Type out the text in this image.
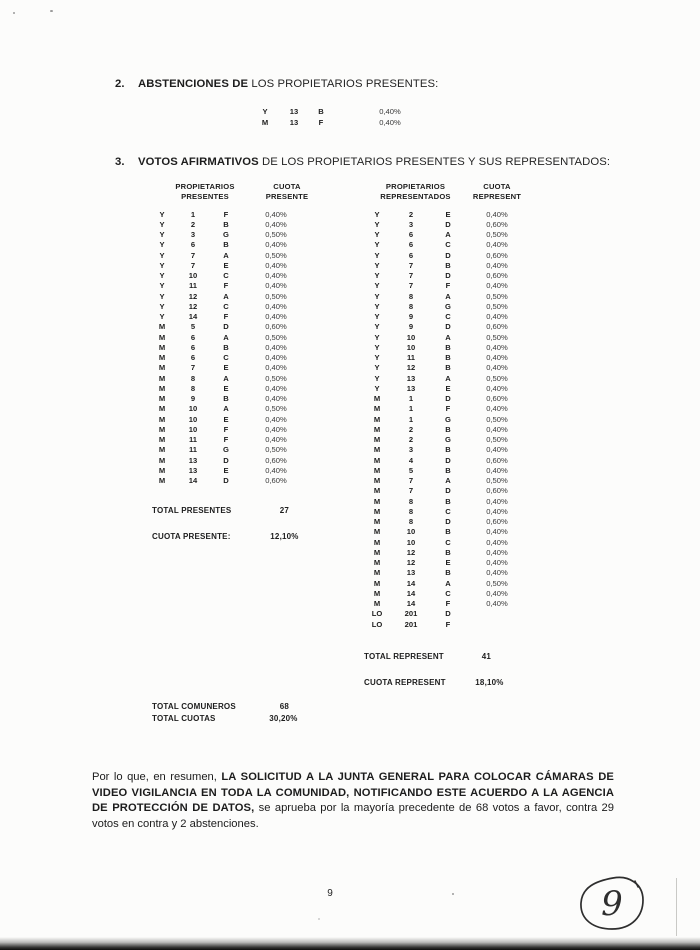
2. ABSTENCIONES DE LOS PROPIETARIOS PRESENTES:
Y	13	B	0,40%
M	13	F	0,40%
3. VOTOS AFIRMATIVOS DE LOS PROPIETARIOS PRESENTES Y SUS REPRESENTADOS:
PROPIETARIOS
PRESENTES
CUOTA
PRESENTE
PROPIETARIOS
REPRESENTADOS
CUOTA
REPRESENT
Y	1	F	0,40%
Y	2	B	0,40%
Y	3	G	0,50%
Y	6	B	0,40%
Y	7	A	0,50%
Y	7	E	0,40%
Y	10	C	0,40%
Y	11	F	0,40%
Y	12	A	0,50%
Y	12	C	0,40%
Y	14	F	0,40%
M	5	D	0,60%
M	6	A	0,50%
M	6	B	0,40%
M	6	C	0,40%
M	7	E	0,40%
M	8	A	0,50%
M	8	E	0,40%
M	9	B	0,40%
M	10	A	0,50%
M	10	E	0,40%
M	10	F	0,40%
M	11	F	0,40%
M	11	G	0,50%
M	13	D	0,60%
M	13	E	0,40%
M	14	D	0,60%
Y	2	E	0,40%
Y	3	D	0,60%
Y	6	A	0,50%
Y	6	C	0,40%
Y	6	D	0,60%
Y	7	B	0,40%
Y	7	D	0,60%
Y	7	F	0,40%
Y	8	A	0,50%
Y	8	G	0,50%
Y	9	C	0,40%
Y	9	D	0,60%
Y	10	A	0,50%
Y	10	B	0,40%
Y	11	B	0,40%
Y	12	B	0,40%
Y	13	A	0,50%
Y	13	E	0,40%
M	1	D	0,60%
M	1	F	0,40%
M	1	G	0,50%
M	2	B	0,40%
M	2	G	0,50%
M	3	B	0,40%
M	4	D	0,60%
M	5	B	0,40%
M	7	A	0,50%
M	7	D	0,60%
M	8	B	0,40%
M	8	C	0,40%
M	8	D	0,60%
M	10	B	0,40%
M	10	C	0,40%
M	12	B	0,40%
M	12	E	0,40%
M	13	B	0,40%
M	14	A	0,50%
M	14	C	0,40%
M	14	F	0,40%
LO	201	D
LO	201	F
TOTAL PRESENTES	27
CUOTA PRESENTE:	12,10%
TOTAL REPRESENT	41
CUOTA REPRESENT	18,10%
TOTAL COMUNEROS	68
TOTAL CUOTAS	30,20%

Por lo que, en resumen, LA SOLICITUD A LA JUNTA GENERAL PARA COLOCAR CÁMARAS DE VIDEO VIGILANCIA EN TODA LA COMUNIDAD, NOTIFICANDO ESTE ACUERDO A LA AGENCIA DE PROTECCIÓN DE DATOS, se aprueba por la mayoría precedente de 68 votos a favor, contra 29 votos en contra y 2 abstenciones.

9	9
